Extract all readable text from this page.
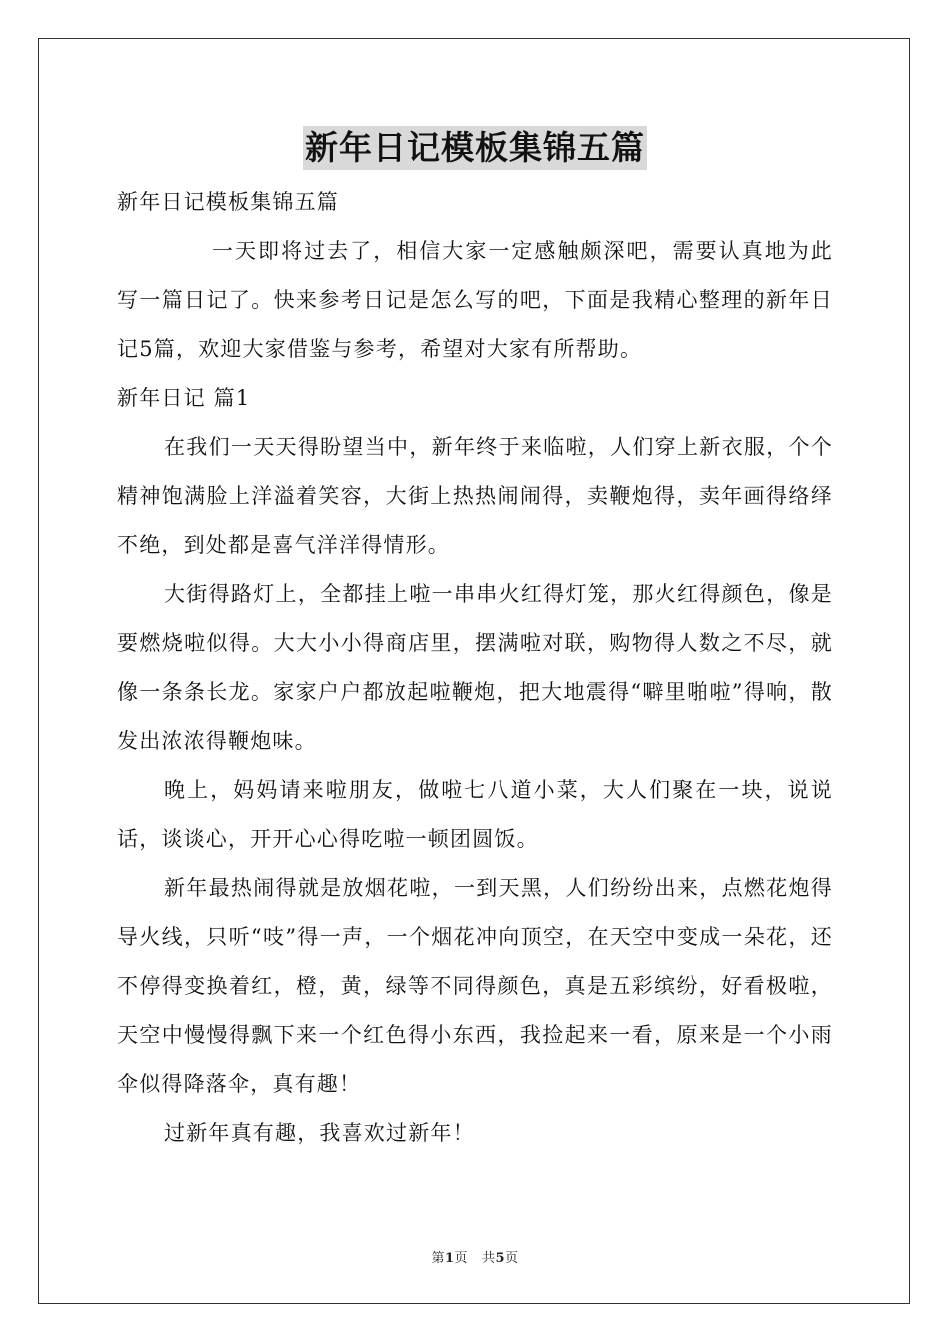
新年日记模板集锦五篇

新年日记模板集锦五篇

一天即将过去了，相信大家一定感触颇深吧，需要认真地为此写一篇日记了。快来参考日记是怎么写的吧，下面是我精心整理的新年日记5篇，欢迎大家借鉴与参考，希望对大家有所帮助。

新年日记 篇1

在我们一天天得盼望当中，新年终于来临啦，人们穿上新衣服，个个精神饱满脸上洋溢着笑容，大街上热热闹闹得，卖鞭炮得，卖年画得络绎不绝，到处都是喜气洋洋得情形。

大街得路灯上，全都挂上啦一串串火红得灯笼，那火红得颜色，像是要燃烧啦似得。大大小小得商店里，摆满啦对联，购物得人数之不尽，就像一条条长龙。家家户户都放起啦鞭炮，把大地震得“噼里啪啦”得响，散发出浓浓得鞭炮味。

晚上，妈妈请来啦朋友，做啦七八道小菜，大人们聚在一块，说说话，谈谈心，开开心心得吃啦一顿团圆饭。

新年最热闹得就是放烟花啦，一到天黑，人们纷纷出来，点燃花炮得导火线，只听“吱”得一声，一个烟花冲向顶空，在天空中变成一朵花，还不停得变换着红，橙，黄，绿等不同得颜色，真是五彩缤纷，好看极啦，天空中慢慢得飘下来一个红色得小东西，我捡起来一看，原来是一个小雨伞似得降落伞，真有趣！

过新年真有趣，我喜欢过新年！

第1页 共5页
